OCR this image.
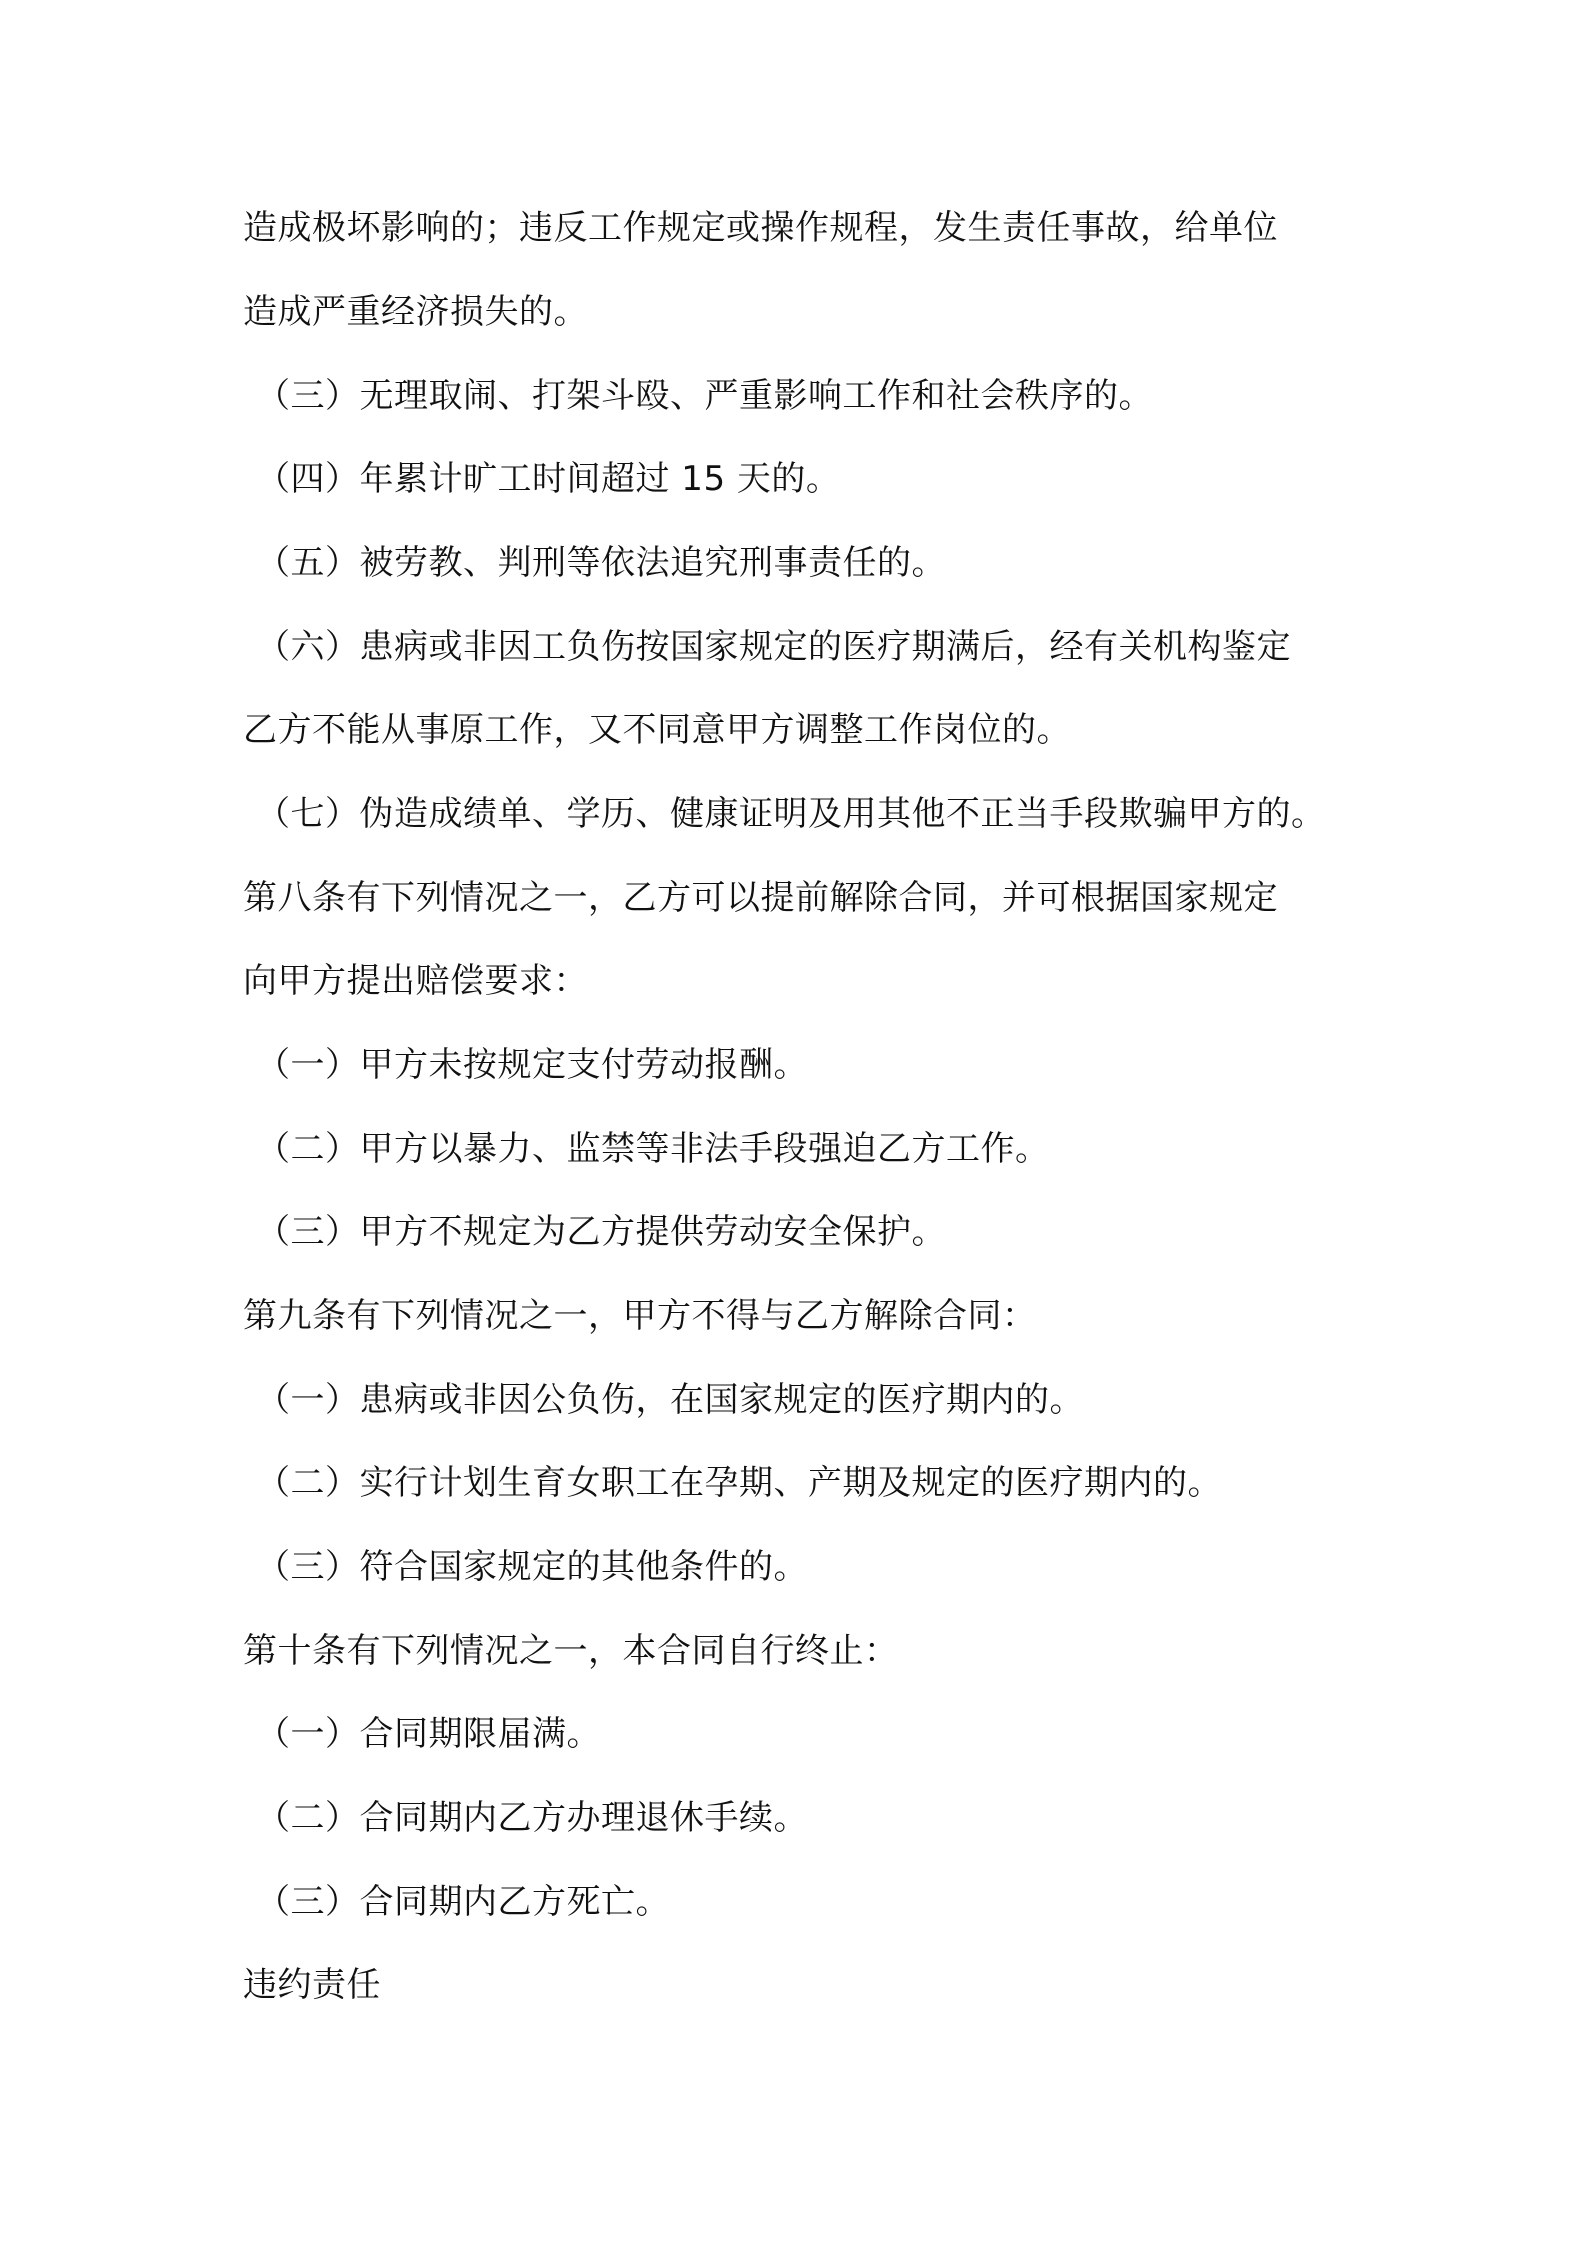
造成极坏影响的；违反工作规定或操作规程，发生责任事故，给单位
造成严重经济损失的。
（三）无理取闹、打架斗殴、严重影响工作和社会秩序的。
（四）年累计旷工时间超过 15 天的。
（五）被劳教、判刑等依法追究刑事责任的。
（六）患病或非因工负伤按国家规定的医疗期满后，经有关机构鉴定
乙方不能从事原工作，又不同意甲方调整工作岗位的。
（七）伪造成绩单、学历、健康证明及用其他不正当手段欺骗甲方的。
第八条有下列情况之一，乙方可以提前解除合同，并可根据国家规定
向甲方提出赔偿要求：
（一）甲方未按规定支付劳动报酬。
（二）甲方以暴力、监禁等非法手段强迫乙方工作。
（三）甲方不规定为乙方提供劳动安全保护。
第九条有下列情况之一，甲方不得与乙方解除合同：
（一）患病或非因公负伤，在国家规定的医疗期内的。
（二）实行计划生育女职工在孕期、产期及规定的医疗期内的。
（三）符合国家规定的其他条件的。
第十条有下列情况之一，本合同自行终止：
（一）合同期限届满。
（二）合同期内乙方办理退休手续。
（三）合同期内乙方死亡。
违约责任
